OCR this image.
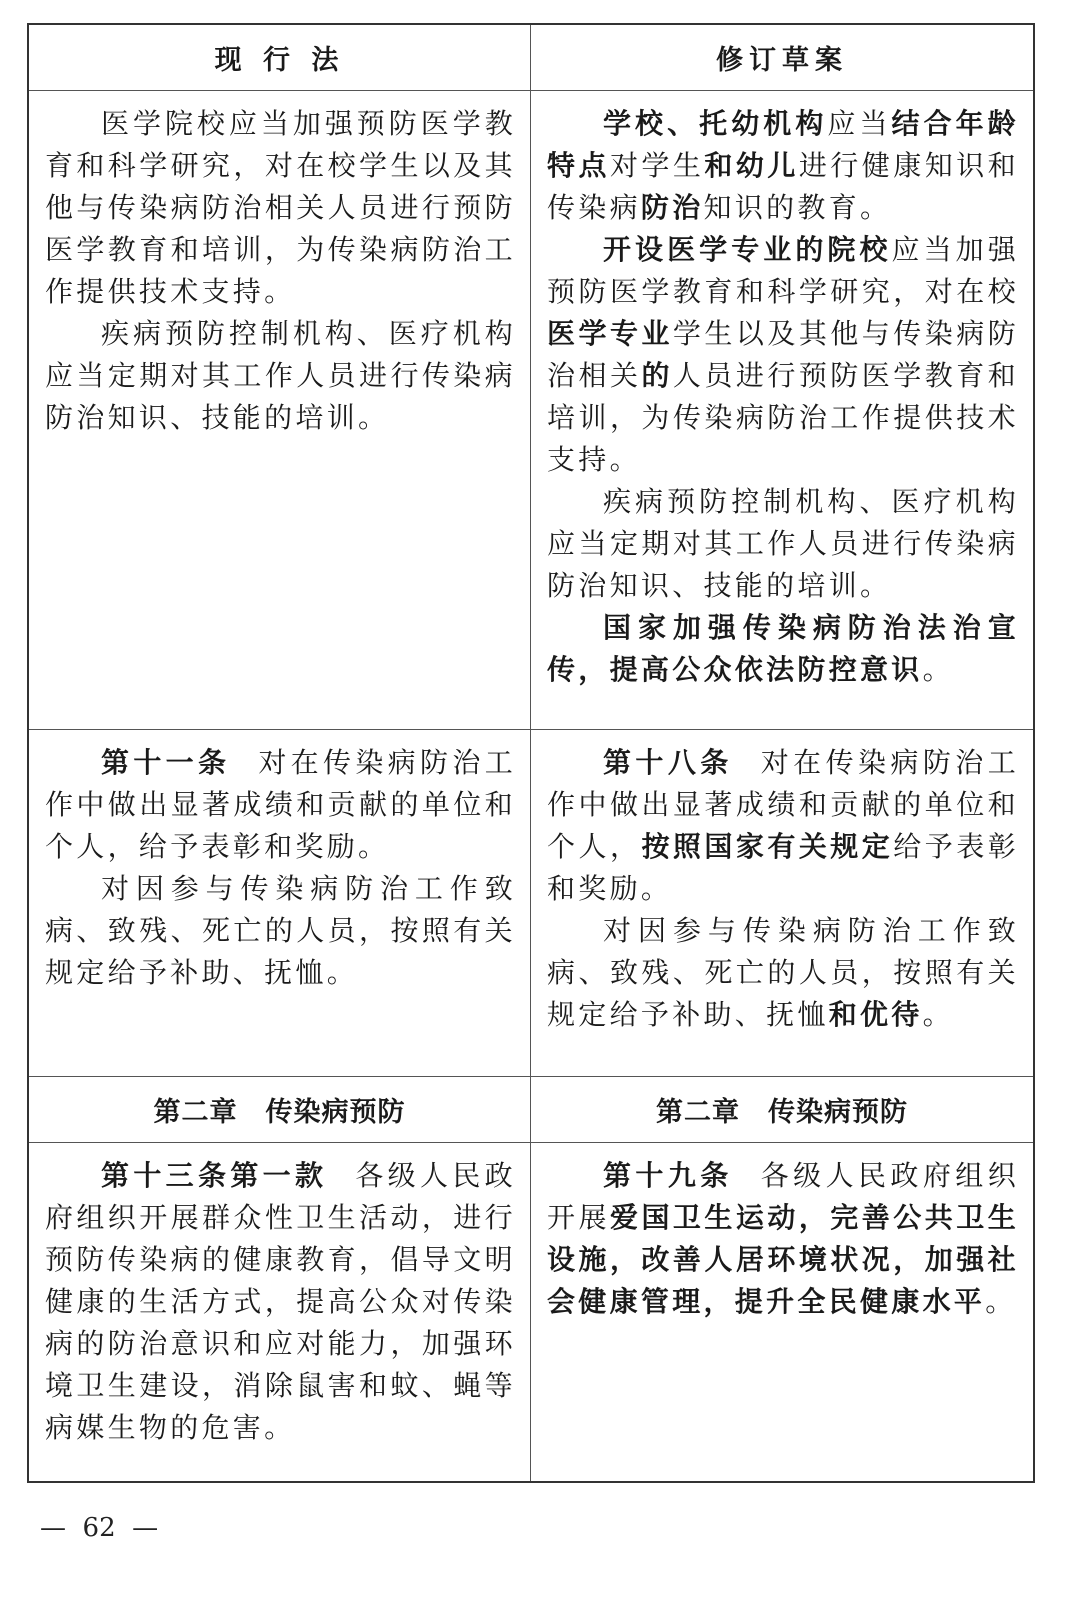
现 行 法	修订草案

医学院校应当加强预防医学教育和科学研究，对在校学生以及其他与传染病防治相关人员进行预防医学教育和培训，为传染病防治工作提供技术支持。

疾病预防控制机构、医疗机构应当定期对其工作人员进行传染病防治知识、技能的培训。

学校、托幼机构应当结合年龄特点对学生和幼儿进行健康知识和传染病防治知识的教育。

开设医学专业的院校应当加强预防医学教育和科学研究，对在校医学专业学生以及其他与传染病防治相关的人员进行预防医学教育和培训，为传染病防治工作提供技术支持。

疾病预防控制机构、医疗机构应当定期对其工作人员进行传染病防治知识、技能的培训。

国家加强传染病防治法治宣传，提高公众依法防控意识。

第十一条 对在传染病防治工作中做出显著成绩和贡献的单位和个人，给予表彰和奖励。

对因参与传染病防治工作致病、致残、死亡的人员，按照有关规定给予补助、抚恤。

第十八条 对在传染病防治工作中做出显著成绩和贡献的单位和个人，按照国家有关规定给予表彰和奖励。

对因参与传染病防治工作致病、致残、死亡的人员，按照有关规定给予补助、抚恤和优待。

第二章　传染病预防	第二章　传染病预防

第十三条第一款 各级人民政府组织开展群众性卫生活动，进行预防传染病的健康教育，倡导文明健康的生活方式，提高公众对传染病的防治意识和应对能力，加强环境卫生建设，消除鼠害和蚊、蝇等病媒生物的危害。

第十九条 各级人民政府组织开展爱国卫生运动，完善公共卫生设施，改善人居环境状况，加强社会健康管理，提升全民健康水平。

—  62  —
